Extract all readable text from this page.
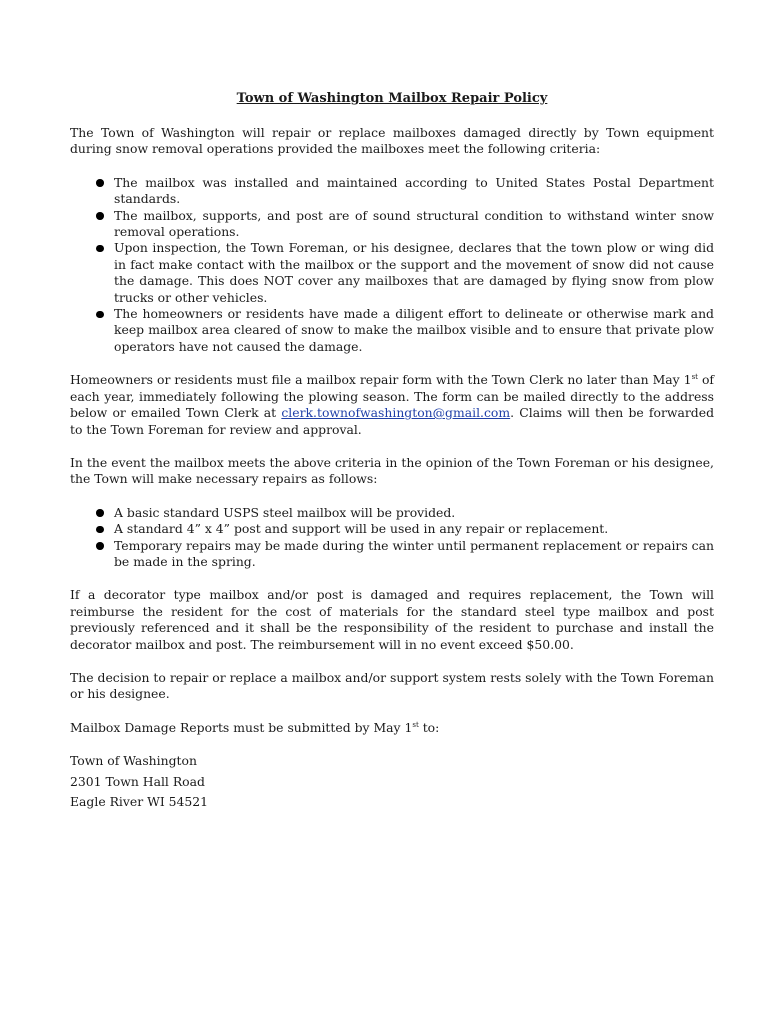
Town of Washington Mailbox Repair Policy

The Town of Washington will repair or replace mailboxes damaged directly by Town equipment during snow removal operations provided the mailboxes meet the following criteria:

The mailbox was installed and maintained according to United States Postal Department standards.
The mailbox, supports, and post are of sound structural condition to withstand winter snow removal operations.
Upon inspection, the Town Foreman, or his designee, declares that the town plow or wing did in fact make contact with the mailbox or the support and the movement of snow did not cause the damage. This does NOT cover any mailboxes that are damaged by flying snow from plow trucks or other vehicles.
The homeowners or residents have made a diligent effort to delineate or otherwise mark and keep mailbox area cleared of snow to make the mailbox visible and to ensure that private plow operators have not caused the damage.

Homeowners or residents must file a mailbox repair form with the Town Clerk no later than May 1st of each year, immediately following the plowing season. The form can be mailed directly to the address below or emailed Town Clerk at clerk.townofwashington@gmail.com. Claims will then be forwarded to the Town Foreman for review and approval.

In the event the mailbox meets the above criteria in the opinion of the Town Foreman or his designee, the Town will make necessary repairs as follows:

A basic standard USPS steel mailbox will be provided.
A standard 4” x 4” post and support will be used in any repair or replacement.
Temporary repairs may be made during the winter until permanent replacement or repairs can be made in the spring.

If a decorator type mailbox and/or post is damaged and requires replacement, the Town will reimburse the resident for the cost of materials for the standard steel type mailbox and post previously referenced and it shall be the responsibility of the resident to purchase and install the decorator mailbox and post. The reimbursement will in no event exceed $50.00.

The decision to repair or replace a mailbox and/or support system rests solely with the Town Foreman or his designee.

Mailbox Damage Reports must be submitted by May 1st to:

Town of Washington
2301 Town Hall Road
Eagle River WI 54521
